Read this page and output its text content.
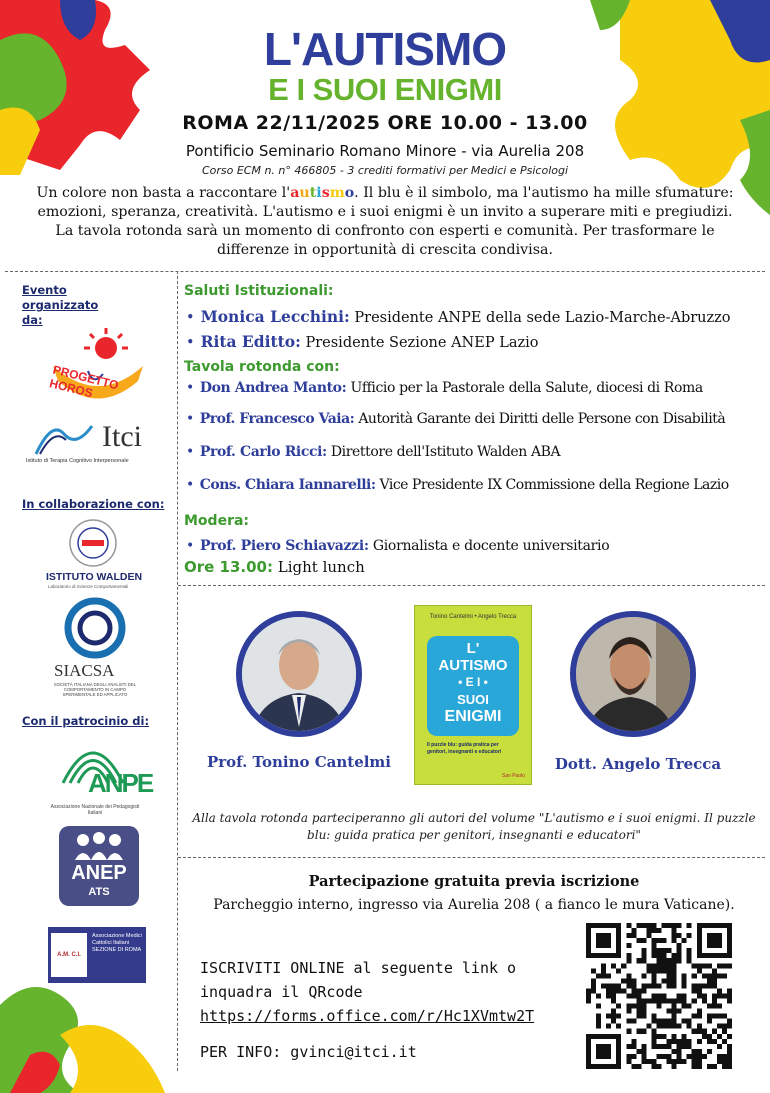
L'AUTISMO
E I SUOI ENIGMI
ROMA 22/11/2025 ORE 10.00 - 13.00
Pontificio Seminario Romano Minore - via Aurelia 208
Corso ECM n. n° 466805 - 3 crediti formativi per Medici e Psicologi
Un colore non basta a raccontare l'autismo. Il blu è il simbolo, ma l'autismo ha mille sfumature: emozioni, speranza, creatività. L'autismo e i suoi enigmi è un invito a superare miti e pregiudizi. La tavola rotonda sarà un momento di confronto con esperti e comunità. Per trasformare le differenze in opportunità di crescita condivisa.
Evento organizzato da:
PROGETTO HOROS
Itci
Istituto di Terapia Cognitivo Interpersonale
In collaborazione con:
ISTITUTO WALDEN
Laboratorio di Scienze Comportamentali
SIACSA
SOCIETÀ ITALIANA DEGLI ANALISTI DEL COMPORTAMENTO IN CAMPO SPERIMENTALE ED APPLICATO
Con il patrocinio di:
ANPE
Associazione Nazionale dei Pedagogisti Italiani
ANEP
ATS
A.M. C.I.
Associazione Medici Cattolici Italiani SEZIONE DI ROMA
Saluti Istituzionali:
• Monica Lecchini: Presidente ANPE della sede Lazio-Marche-Abruzzo
• Rita Editto: Presidente Sezione ANEP Lazio
Tavola rotonda con:
• Don Andrea Manto: Ufficio per la Pastorale della Salute, diocesi di Roma
• Prof. Francesco Vaia: Autorità Garante dei Diritti delle Persone con Disabilità
• Prof. Carlo Ricci: Direttore dell'Istituto Walden ABA
• Cons. Chiara Iannarelli: Vice Presidente IX Commissione della Regione Lazio
Modera:
• Prof. Piero Schiavazzi: Giornalista e docente universitario
Ore 13.00: Light lunch
Prof. Tonino Cantelmi
Tonino Cantelmi • Angelo Trecca
L'
AUTISMO
• E I •
SUOI
ENIGMI
Il puzzle blu: guida pratica per genitori, insegnanti e educatori
San Paolo
Dott. Angelo Trecca
Alla tavola rotonda parteciperanno gli autori del volume "L'autismo e i suoi enigmi. Il puzzle blu: guida pratica per genitori, insegnanti e educatori"
Partecipazione gratuita previa iscrizione
Parcheggio interno, ingresso via Aurelia 208 ( a fianco le mura Vaticane).
ISCRIVITI ONLINE al seguente link o
inquadra il QRcode
https://forms.office.com/r/Hc1XVmtw2T
PER INFO: gvinci@itci.it
